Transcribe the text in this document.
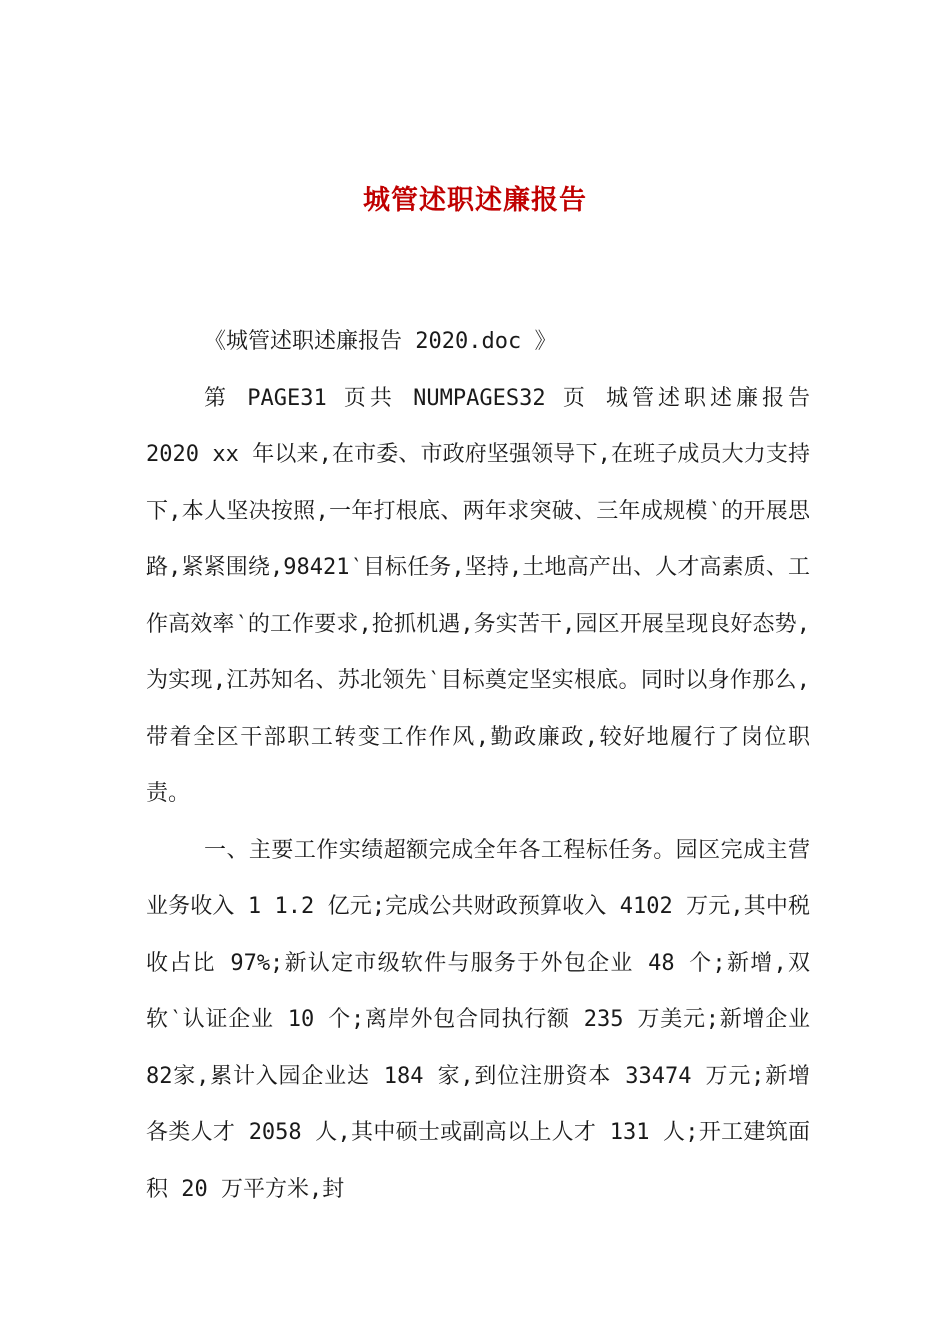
城管述职述廉报告

《城管述职述廉报告 2020.doc 》

第 PAGE31 页共 NUMPAGES32 页 城管述职述廉报告 2020 xx 年以来,在市委、市政府坚强领导下,在班子成员大力支持下,本人坚决按照,一年打根底、两年求突破、三年成规模‵的开展思路,紧紧围绕,98421‵目标任务,坚持,土地高产出、人才高素质、工作高效率‵的工作要求,抢抓机遇,务实苦干,园区开展呈现良好态势,为实现,江苏知名、苏北领先‵目标奠定坚实根底。同时以身作那么,带着全区干部职工转变工作作风,勤政廉政,较好地履行了岗位职责。

一、主要工作实绩超额完成全年各工程标任务。园区完成主营业务收入 1 1.2 亿元;完成公共财政预算收入 4102 万元,其中税收占比 97%;新认定市级软件与服务于外包企业 48 个;新增,双软‵认证企业 10 个;离岸外包合同执行额 235 万美元;新增企业 82家,累计入园企业达 184 家,到位注册资本 33474 万元;新增各类人才 2058 人,其中硕士或副高以上人才 131 人;开工建筑面积 20 万平方米,封
